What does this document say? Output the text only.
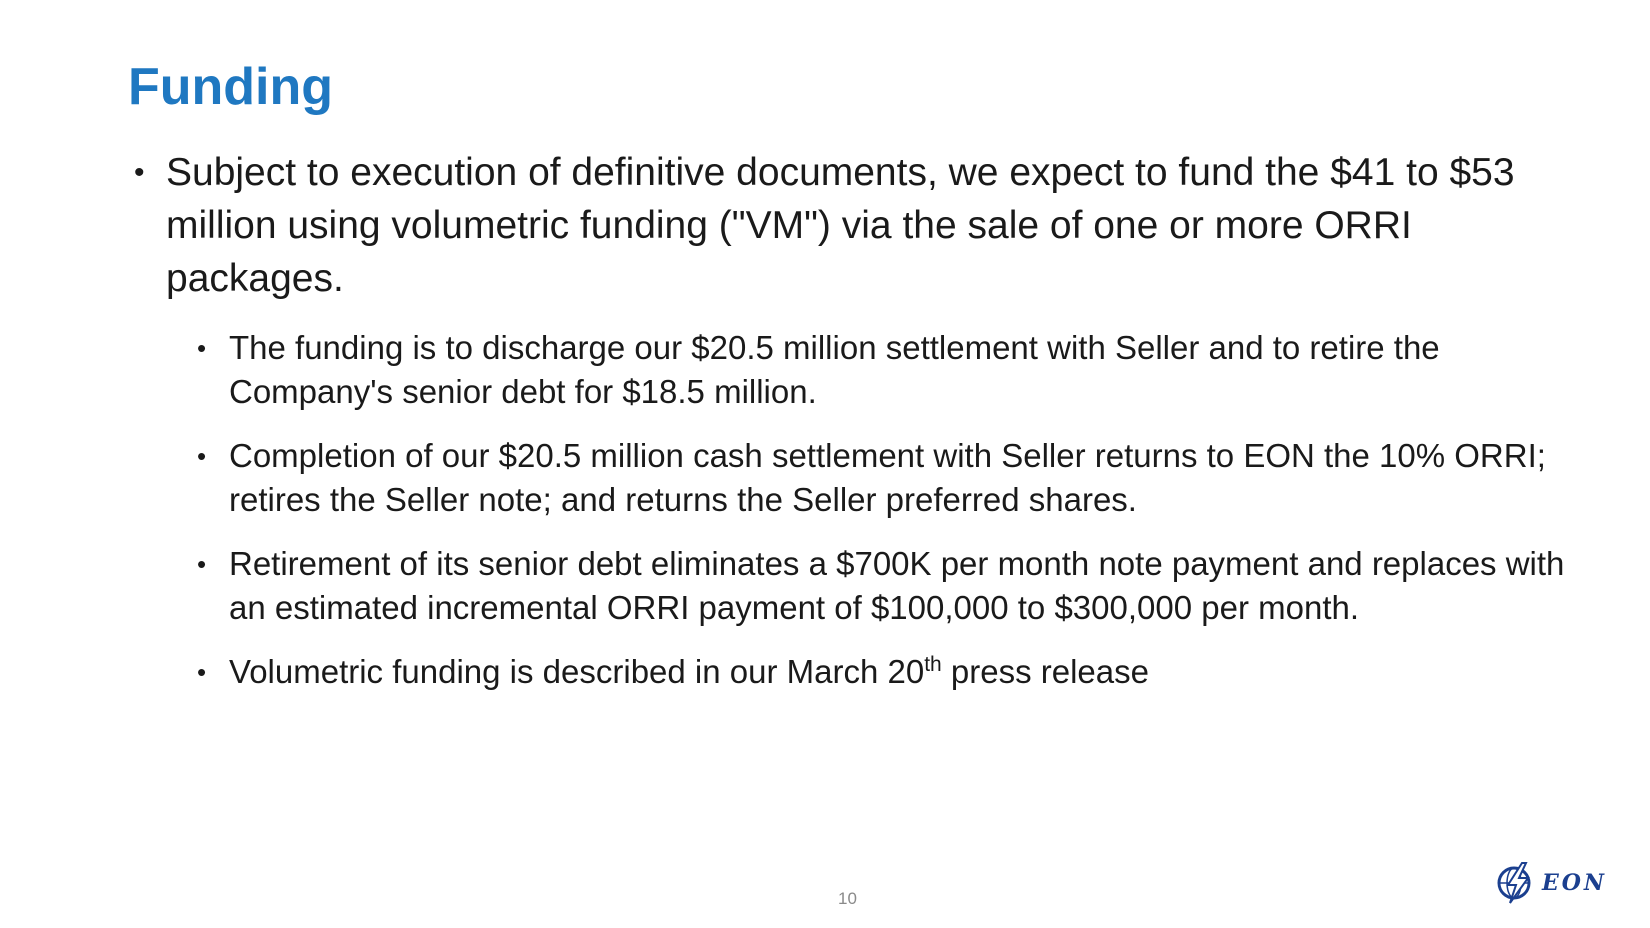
Funding
• Subject to execution of definitive documents, we expect to fund the $41 to $53 million using volumetric funding ("VM") via the sale of one or more ORRI packages.
• The funding is to discharge our $20.5 million settlement with Seller and to retire the Company's senior debt for $18.5 million.
• Completion of our $20.5 million cash settlement with Seller returns to EON the 10% ORRI; retires the Seller note; and returns the Seller preferred shares.
• Retirement of its senior debt eliminates a $700K per month note payment and replaces with an estimated incremental ORRI payment of $100,000 to $300,000 per month.
• Volumetric funding is described in our March 20th press release
10
EON
